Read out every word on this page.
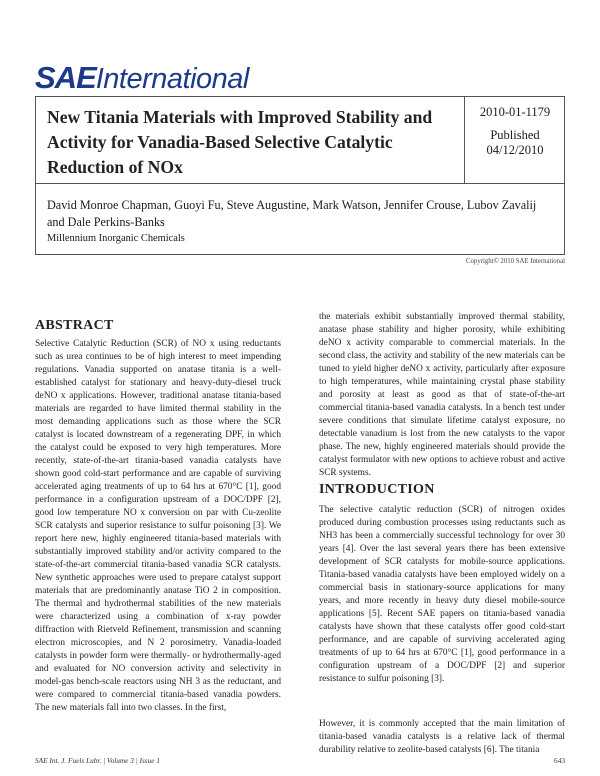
SAEInternational
New Titania Materials with Improved Stability and Activity for Vanadia-Based Selective Catalytic Reduction of NOx
2010-01-1179
Published
04/12/2010
David Monroe Chapman, Guoyi Fu, Steve Augustine, Mark Watson, Jennifer Crouse, Lubov Zavalij and Dale Perkins-Banks
Millennium Inorganic Chemicals
Copyright© 2010 SAE International
ABSTRACT

Selective Catalytic Reduction (SCR) of NO x using reductants such as urea continues to be of high interest to meet impending regulations. Vanadia supported on anatase titania is a well-established catalyst for stationary and heavy-duty-diesel truck deNO x applications. However, traditional anatase titania-based materials are regarded to have limited thermal stability in the most demanding applications such as those where the SCR catalyst is located downstream of a regenerating DPF, in which the catalyst could be exposed to very high temperatures. More recently, state-of-the-art titania-based vanadia catalysts have shown good cold-start performance and are capable of surviving accelerated aging treatments of up to 64 hrs at 670°C [1], good performance in a configuration upstream of a DOC/DPF [2], good low temperature NO x conversion on par with Cu-zeolite SCR catalysts and superior resistance to sulfur poisoning [3]. We report here new, highly engineered titania-based materials with substantially improved stability and/or activity compared to the state-of-the-art commercial titania-based vanadia SCR catalysts. New synthetic approaches were used to prepare catalyst support materials that are predominantly anatase TiO 2 in composition. The thermal and hydrothermal stabilities of the new materials were characterized using a combination of x-ray powder diffraction with Rietveld Refinement, transmission and scanning electron microscopies, and N 2 porosimetry. Vanadia-loaded catalysts in powder form were thermally- or hydrothermally-aged and evaluated for NO conversion activity and selectivity in model-gas bench-scale reactors using NH 3 as the reductant, and were compared to commercial titania-based vanadia powders. The new materials fall into two classes. In the first,

the materials exhibit substantially improved thermal stability, anatase phase stability and higher porosity, while exhibiting deNO x activity comparable to commercial materials. In the second class, the activity and stability of the new materials can be tuned to yield higher deNO x activity, particularly after exposure to high temperatures, while maintaining crystal phase stability and porosity at least as good as that of state-of-the-art commercial titania-based vanadia catalysts. In a bench test under severe conditions that simulate lifetime catalyst exposure, no detectable vanadium is lost from the new catalysts to the vapor phase. The new, highly engineered materials should provide the catalyst formulator with new options to achieve robust and active SCR systems.

INTRODUCTION

The selective catalytic reduction (SCR) of nitrogen oxides produced during combustion processes using reductants such as NH3 has been a commercially successful technology for over 30 years [4]. Over the last several years there has been extensive development of SCR catalysts for mobile-source applications. Titania-based vanadia catalysts have been employed widely on a commercial basis in stationary-source applications for many years, and more recently in heavy duty diesel mobile-source applications [5]. Recent SAE papers on titania-based vanadia catalysts have shown that these catalysts offer good cold-start performance, and are capable of surviving accelerated aging treatments of up to 64 hrs at 670°C [1], good performance in a configuration upstream of a DOC/DPF [2] and superior resistance to sulfur poisoning [3].

However, it is commonly accepted that the main limitation of titania-based vanadia catalysts is a relative lack of thermal durability relative to zeolite-based catalysts [6]. The titania

SAE Int. J. Fuels Lubr. | Volume 3 | Issue 1	643
